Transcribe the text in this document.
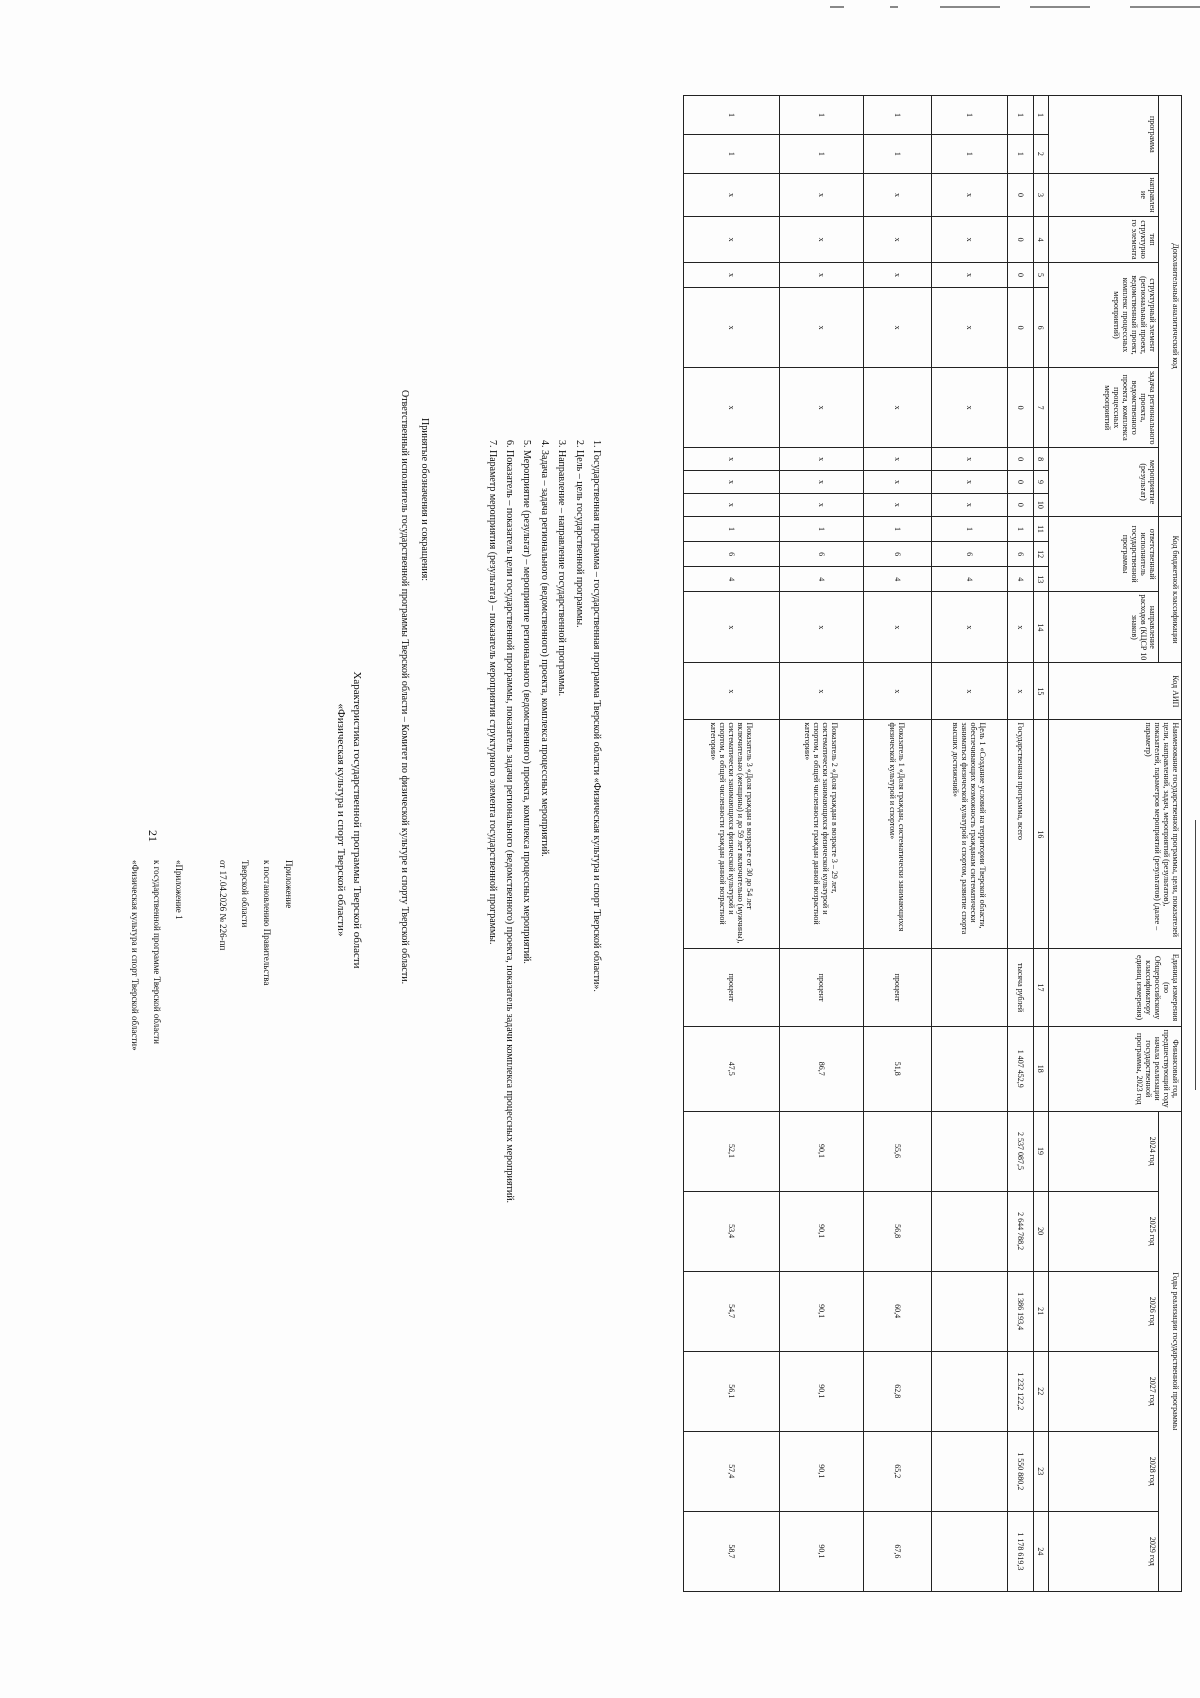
21

Приложение

к постановлению Правительства

Тверской области

от 17.04.2026 № 226-пп

«Приложение 1

к государственной программе Тверской области

«Физическая культура и спорт Тверской области»	Характеристика государственной программы Тверской области
«Физическая культура и спорт Тверской области»	Ответственный исполнитель государственной программы Тверской области – Комитет по физической культуре и спорту Тверской области. Принятые обозначения и сокращения:	1. Государственная программа – государственная программа Тверской области «Физическая культура и спорт Тверской области».
2. Цель – цель государственной программы.
3. Направление – направление государственной программы.
4. Задача – задача регионального (ведомственного) проекта, комплекса процессных мероприятий.
5. Мероприятие (результат) – мероприятие регионального (ведомственного) проекта, комплекса процессных мероприятий.
6. Показатель – показатель цели государственной программы, показатель задачи регионального (ведомственного) проекта, показатель задачи комплекса процессных мероприятий.
7. Параметр мероприятия (результата) – показатель мероприятия структурного элемента государственной программы.
Дополнительный аналитический код										Код бюджетной классификации				Код АИП	Наименование государственной программы, цели, показателей цели, направлений, задач, мероприятий (результатов), показателей, параметров мероприятий (результатов) (далее – параметр)	Единица измерения (по Общероссийскому классификатору единиц измерения)	Финансовый год, предшествующий году начала реализации государственной программы, 2023 год	Годы реализации государственной программы					
программа		направление	тип структурного элемента	структурный элемент (региональный проект, ведомственный проект, комплекс процессных мероприятий)		задача регионального проекта, ведомственного проекта, комплекса процессных мероприятий	мероприятие (результат)			ответственный исполнитель государственной программы			направление расходов (КЦСР 10 знаков)					2024 год	2025 год	2026 год	2027 год	2028 год	2029 год
1	2	3	4	5	6	7	8	9	10	11	12	13	14	15	16	17	18	19	20	21	22	23	24
1	1	0	0	0	0	0	0	0	0	1	6	4	x	x	Государственная программа, всего	тысяча рублей	1 407 452,9	2 537 087,5	2 644 788,2	1 386 193,4	1 232 122,2	1 550 880,2	1 178 619,3
1	1	x	x	x	x	x	x	x	x	1	6	4	x	x	Цель 1 «Создание условий на территории Тверской области, обеспечивающих возможность гражданам систематически заниматься физической культурой и спортом, развитие спорта высших достижений»								
1	1	x	x	x	x	x	x	x	x	1	6	4	x	x	Показатель 1 «Доля граждан, систематически занимающихся физической культурой и спортом»	процент	51,8	55,6	56,8	60,4	62,8	65,2	67,6
1	1	x	x	x	x	x	x	x	x	1	6	4	x	x	Показатель 2 «Доля граждан в возрасте 3 – 29 лет, систематически занимающихся физической культурой и спортом, в общей численности граждан данной возрастной категории»	процент	86,7	90,1	90,1	90,1	90,1	90,1	90,1
1	1	x	x	x	x	x	x	x	x	1	6	4	x	x	Показатель 3 «Доля граждан в возрасте от 30 до 54 лет включительно (женщины) и до 59 лет включительно (мужчины), систематически занимающихся физической культурой и спортом, в общей численности граждан данной возрастной категории»	процент	47,5	52,1	53,4	54,7	56,1	57,4	58,7
